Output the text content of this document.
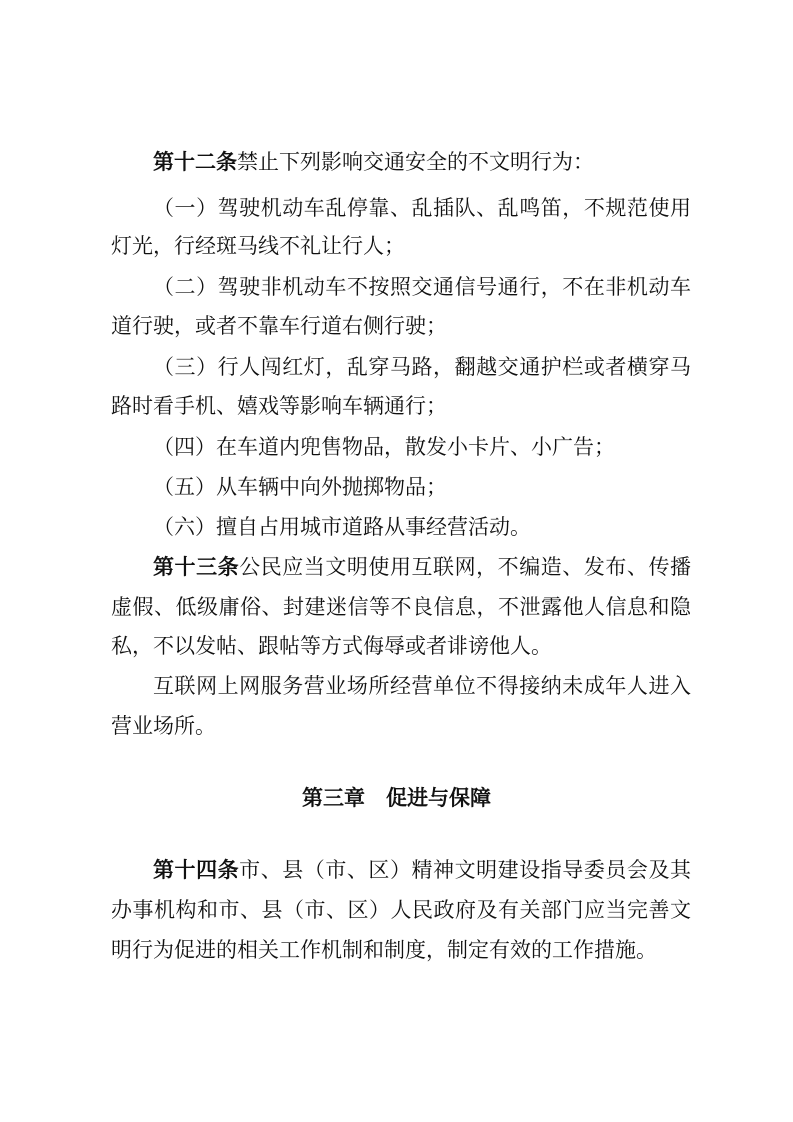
第十二条禁止下列影响交通安全的不文明行为：
（一）驾驶机动车乱停靠、乱插队、乱鸣笛，不规范使用
灯光，行经斑马线不礼让行人；
（二）驾驶非机动车不按照交通信号通行，不在非机动车
道行驶，或者不靠车行道右侧行驶；
（三）行人闯红灯，乱穿马路，翻越交通护栏或者横穿马
路时看手机、嬉戏等影响车辆通行；
（四）在车道内兜售物品，散发小卡片、小广告；
（五）从车辆中向外抛掷物品；
（六）擅自占用城市道路从事经营活动。
第十三条公民应当文明使用互联网，不编造、发布、传播
虚假、低级庸俗、封建迷信等不良信息，不泄露他人信息和隐
私，不以发帖、跟帖等方式侮辱或者诽谤他人。
互联网上网服务营业场所经营单位不得接纳未成年人进入
营业场所。
第三章　促进与保障
第十四条市、县（市、区）精神文明建设指导委员会及其
办事机构和市、县（市、区）人民政府及有关部门应当完善文
明行为促进的相关工作机制和制度，制定有效的工作措施。
